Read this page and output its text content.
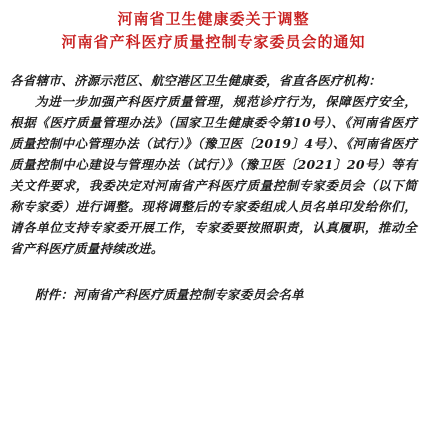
河南省卫生健康委关于调整
河南省产科医疗质量控制专家委员会的通知

各省辖市、济源示范区、航空港区卫生健康委，省直各医疗机构：

为进一步加强产科医疗质量管理，规范诊疗行为，保障医疗安全，根据《医疗质量管理办法》（国家卫生健康委令第10号）、《河南省医疗质量控制中心管理办法（试行）》（豫卫医〔2019〕4号）、《河南省医疗质量控制中心建设与管理办法（试行）》（豫卫医〔2021〕20号）等有关文件要求，我委决定对河南省产科医疗质量控制专家委员会（以下简称专家委）进行调整。现将调整后的专家委组成人员名单印发给你们，请各单位支持专家委开展工作，专家委要按照职责，认真履职，推动全省产科医疗质量持续改进。

附件：河南省产科医疗质量控制专家委员会名单
